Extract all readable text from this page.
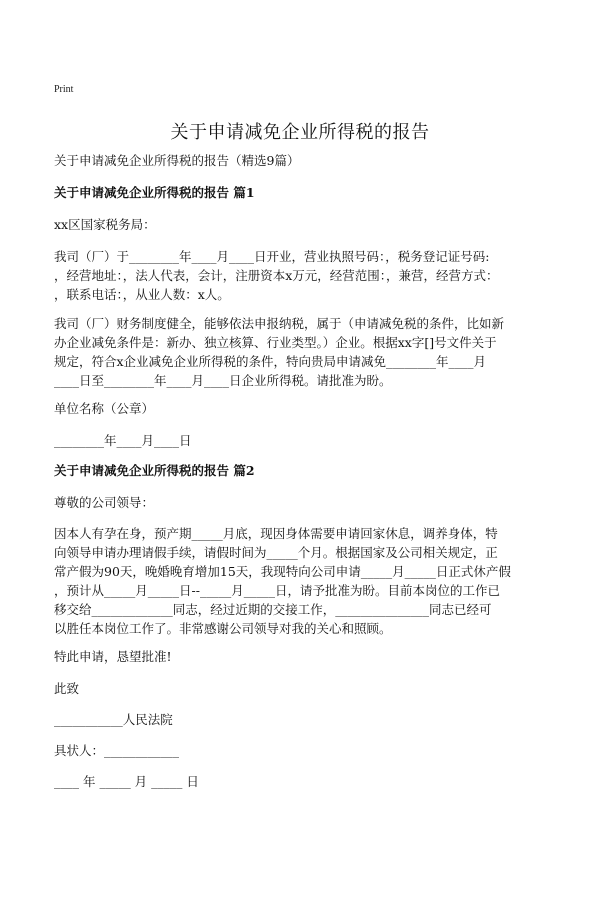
Print
关于申请减免企业所得税的报告
关于申请减免企业所得税的报告（精选9篇）
关于申请减免企业所得税的报告 篇1
xx区国家税务局：
我司（厂）于________年____月____日开业，营业执照号码：，税务登记证号码:
，经营地址：，法人代表，会计，注册资本x万元，经营范围：，兼营，经营方式：
，联系电话：，从业人数：x人。
我司（厂）财务制度健全，能够依法申报纳税，属于（申请减免税的条件，比如新
办企业减免条件是：新办、独立核算、行业类型。）企业。根据xx字[]号文件关于
规定，符合x企业减免企业所得税的条件，特向贵局申请减免________年____月
____日至________年____月____日企业所得税。请批准为盼。
单位名称（公章）
________年____月____日
关于申请减免企业所得税的报告 篇2
尊敬的公司领导：
因本人有孕在身，预产期_____月底，现因身体需要申请回家休息，调养身体，特
向领导申请办理请假手续，请假时间为_____个月。根据国家及公司相关规定，正
常产假为90天，晚婚晚育增加15天，我现特向公司申请_____月_____日正式休产假
，预计从_____月_____日--_____月_____日，请予批准为盼。目前本岗位的工作已
移交给_____________同志，经过近期的交接工作，_______________同志已经可
以胜任本岗位工作了。非常感谢公司领导对我的关心和照顾。
特此申请，恳望批准!
此致
___________人民法院
具状人：____________
____ 年 _____ 月 _____ 日
